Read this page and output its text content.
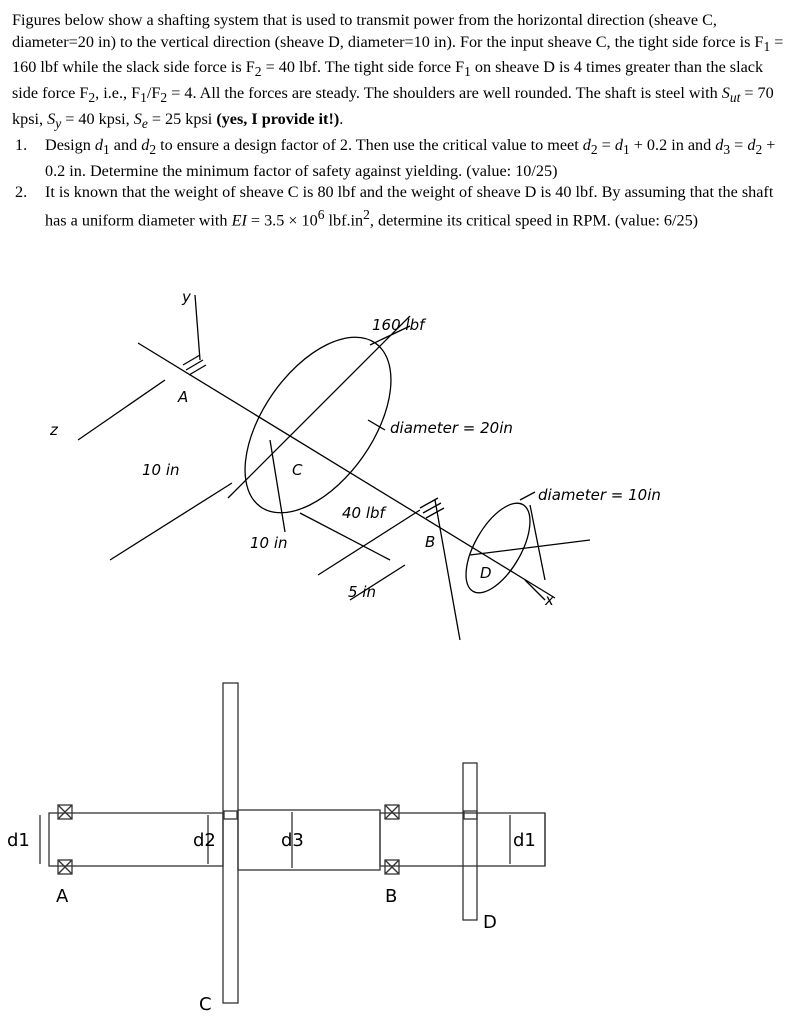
Figures below show a shafting system that is used to transmit power from the horizontal direction (sheave C, diameter=20 in) to the vertical direction (sheave D, diameter=10 in). For the input sheave C, the tight side force is $F_1 = 160$ lbf while the slack side force is $F_2 = 40$ lbf. The tight side force $F_1$ on sheave D is 4 times greater than the slack side force $F_2$, i.e., $F_1/F_2 = 4$. All the forces are steady. The shoulders are well rounded. The shaft is steel with $S_{ut} = 70$ kpsi, $S_y = 40$ kpsi, $S_e = 25$ kpsi (yes, I provide it!).

1. Design $d_1$ and $d_2$ to ensure a design factor of 2. Then use the critical value to meet $d_2 = d_1 + 0.2$ in and $d_3 = d_2 + 0.2$ in. Determine the minimum factor of safety against yielding. (value: 10/25)
2. It is known that the weight of sheave C is 80 lbf and the weight of sheave D is 40 lbf. By assuming that the shaft has a uniform diameter with EI = $3.5 \times 10^6$ $lbf.in^2$, determine its critical speed in RPM. (value: 6/25)
y
z
A
C
160 lbf
diameter = 20in
10 in
10 in
40 lbf
B
D
diameter = 10in
5 in	x
d1	d2	d3	d1
A	B
D
C
